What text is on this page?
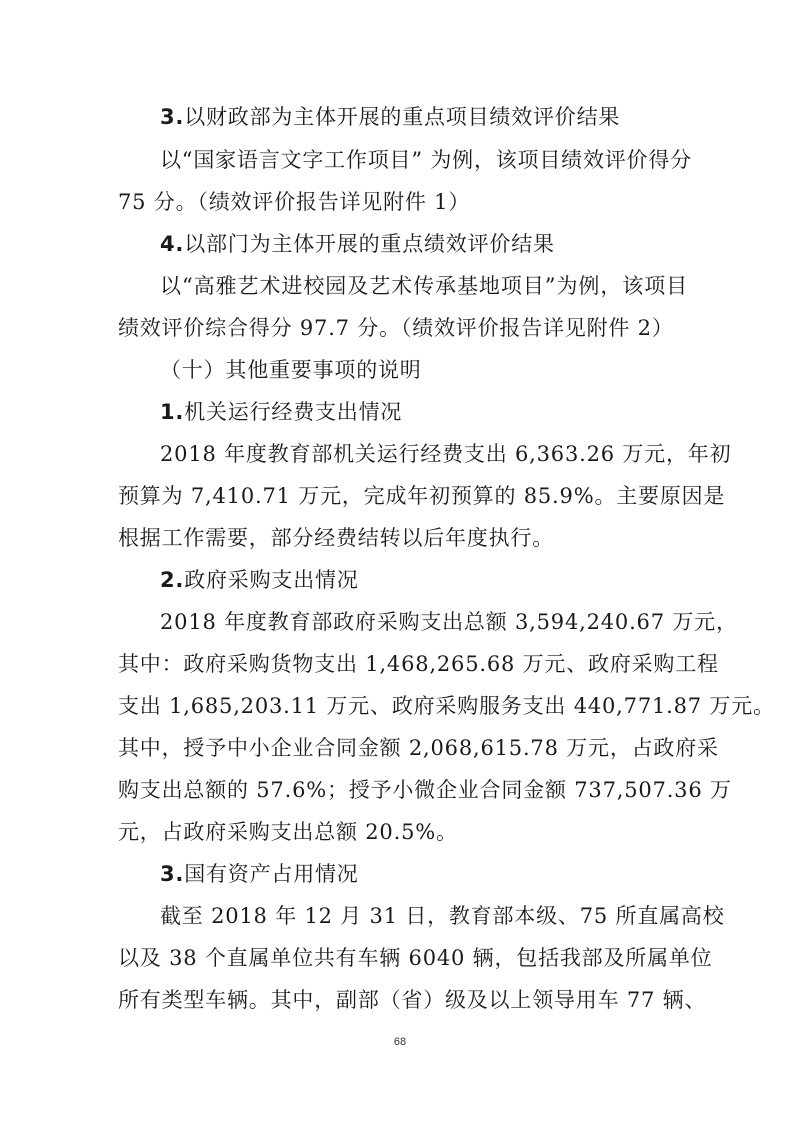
3.以财政部为主体开展的重点项目绩效评价结果
以“国家语言文字工作项目” 为例，该项目绩效评价得分
75 分。（绩效评价报告详见附件 1）
4.以部门为主体开展的重点绩效评价结果
以“高雅艺术进校园及艺术传承基地项目”为例，该项目
绩效评价综合得分 97.7 分。（绩效评价报告详见附件 2）
（十）其他重要事项的说明
1.机关运行经费支出情况
2018 年度教育部机关运行经费支出 6,363.26 万元，年初
预算为 7,410.71 万元，完成年初预算的 85.9%。主要原因是
根据工作需要，部分经费结转以后年度执行。
2.政府采购支出情况
2018 年度教育部政府采购支出总额 3,594,240.67 万元，
其中：政府采购货物支出 1,468,265.68 万元、政府采购工程
支出 1,685,203.11 万元、政府采购服务支出 440,771.87 万元。
其中，授予中小企业合同金额 2,068,615.78 万元，占政府采
购支出总额的 57.6%；授予小微企业合同金额 737,507.36 万
元，占政府采购支出总额 20.5%。
3.国有资产占用情况
截至 2018 年 12 月 31 日，教育部本级、75 所直属高校
以及 38 个直属单位共有车辆 6040 辆，包括我部及所属单位
所有类型车辆。其中，副部（省）级及以上领导用车 77 辆、
68
